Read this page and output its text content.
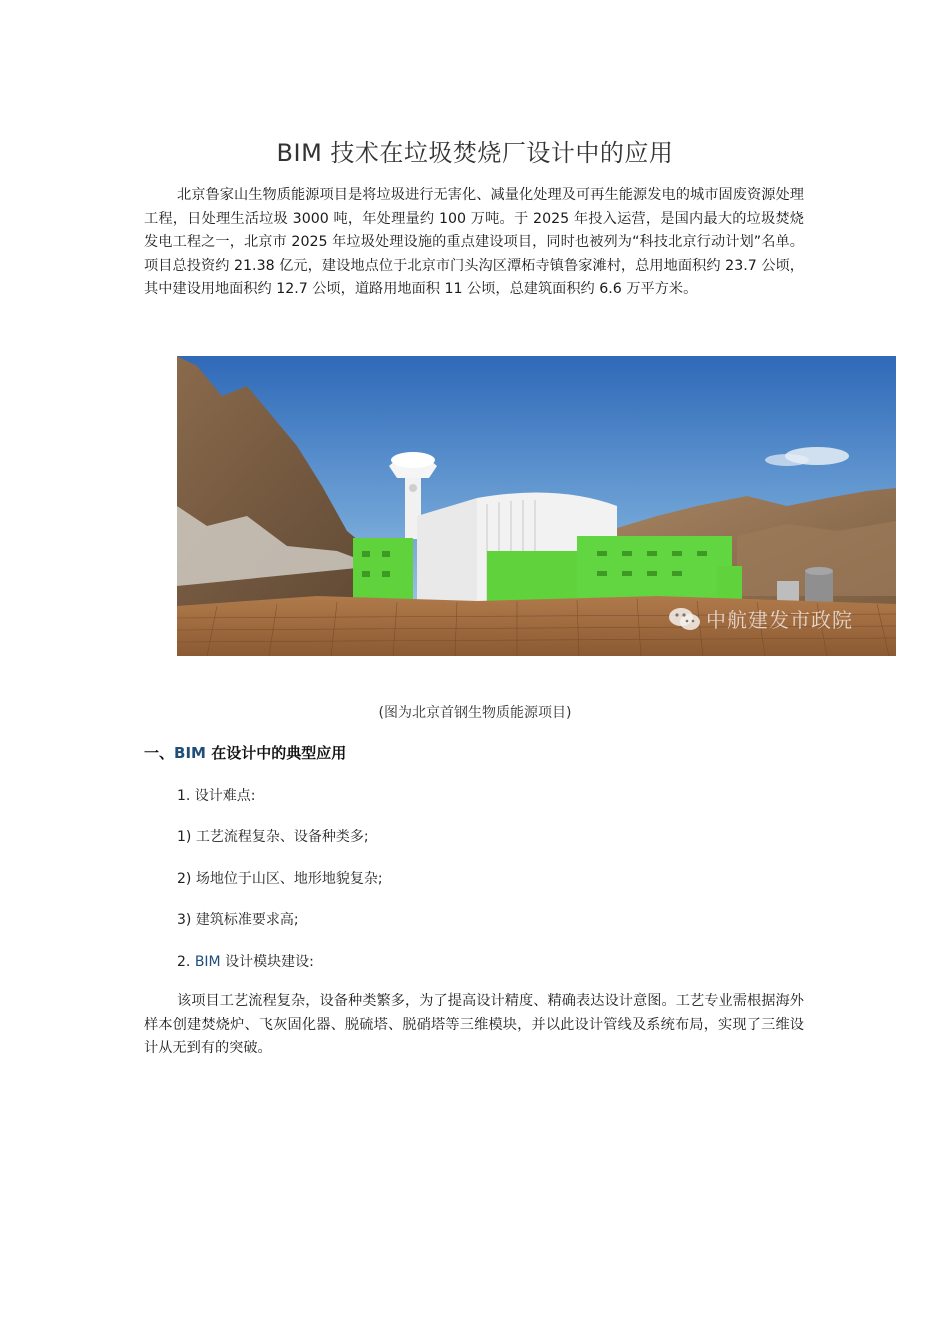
BIM 技术在垃圾焚烧厂设计中的应用

北京鲁家山生物质能源项目是将垃圾进行无害化、减量化处理及可再生能源发电的城市固废资源处理工程，日处理生活垃圾 3000 吨，年处理量约 100 万吨。于 2025 年投入运营，是国内最大的垃圾焚烧发电工程之一，北京市 2025 年垃圾处理设施的重点建设项目，同时也被列为“科技北京行动计划”名单。项目总投资约 21.38 亿元，建设地点位于北京市门头沟区潭柘寺镇鲁家滩村，总用地面积约 23.7 公顷，其中建设用地面积约 12.7 公顷，道路用地面积 11 公顷，总建筑面积约 6.6 万平方米。

中航建发市政院
(图为北京首钢生物质能源项目)
一、BIM 在设计中的典型应用
1. 设计难点:
1) 工艺流程复杂、设备种类多;
2) 场地位于山区、地形地貌复杂;
3) 建筑标准要求高;
2. BIM 设计模块建设:

该项目工艺流程复杂，设备种类繁多，为了提高设计精度、精确表达设计意图。工艺专业需根据海外样本创建焚烧炉、飞灰固化器、脱硫塔、脱硝塔等三维模块，并以此设计管线及系统布局，实现了三维设计从无到有的突破。
